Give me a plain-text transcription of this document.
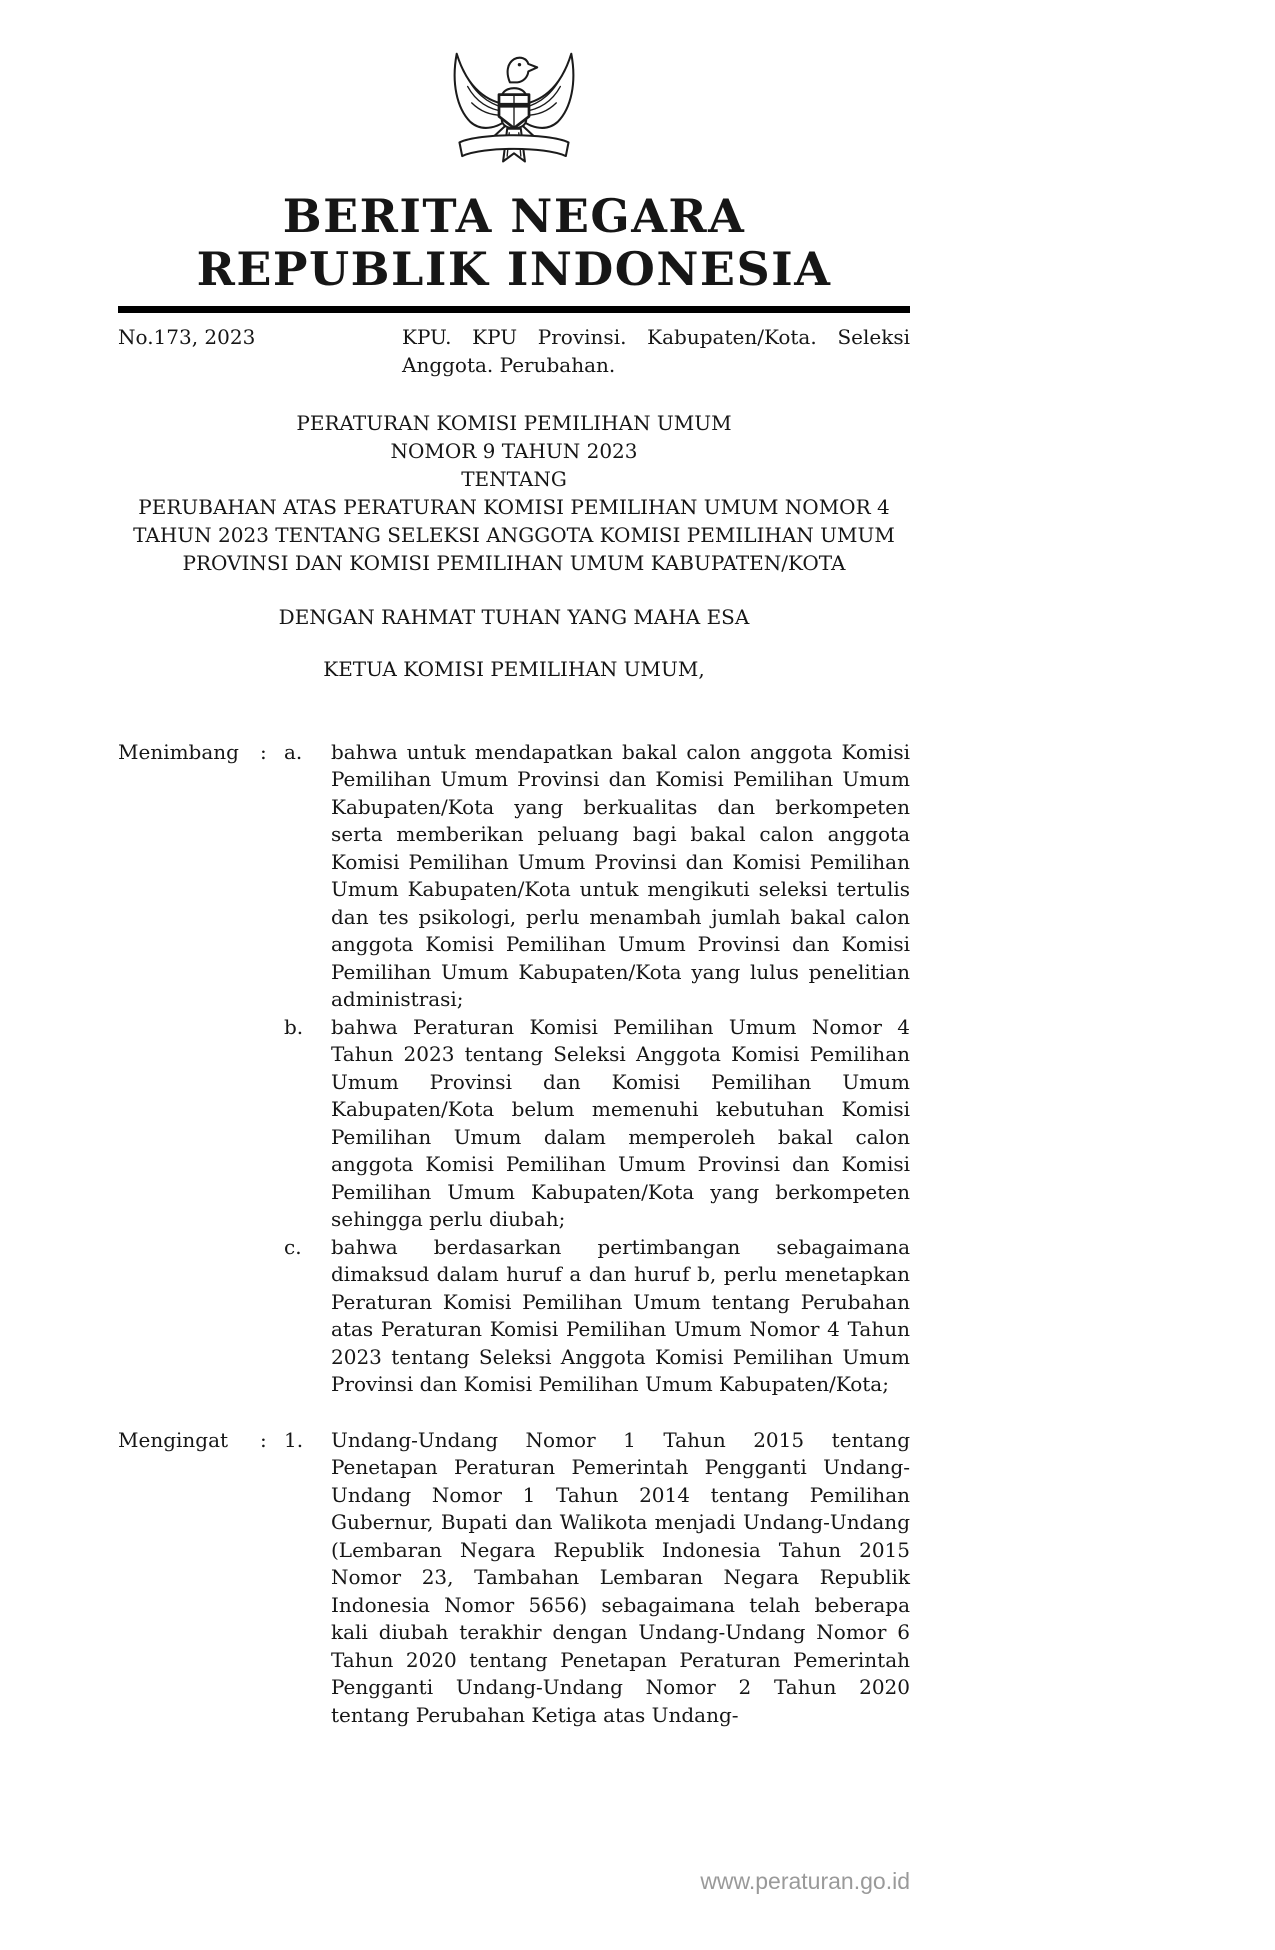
BERITA NEGARA
REPUBLIK INDONESIA
No.173, 2023	KPU. KPU Provinsi. Kabupaten/Kota. Seleksi Anggota. Perubahan.
PERATURAN KOMISI PEMILIHAN UMUM
NOMOR 9 TAHUN 2023
TENTANG
PERUBAHAN ATAS PERATURAN KOMISI PEMILIHAN UMUM NOMOR 4 TAHUN 2023 TENTANG SELEKSI ANGGOTA KOMISI PEMILIHAN UMUM PROVINSI DAN KOMISI PEMILIHAN UMUM KABUPATEN/KOTA
DENGAN RAHMAT TUHAN YANG MAHA ESA
KETUA KOMISI PEMILIHAN UMUM,
Menimbang	: a.	bahwa untuk mendapatkan bakal calon anggota Komisi Pemilihan Umum Provinsi dan Komisi Pemilihan Umum Kabupaten/Kota yang berkualitas dan berkompeten serta memberikan peluang bagi bakal calon anggota Komisi Pemilihan Umum Provinsi dan Komisi Pemilihan Umum Kabupaten/Kota untuk mengikuti seleksi tertulis dan tes psikologi, perlu menambah jumlah bakal calon anggota Komisi Pemilihan Umum Provinsi dan Komisi Pemilihan Umum Kabupaten/Kota yang lulus penelitian administrasi;
b.	bahwa Peraturan Komisi Pemilihan Umum Nomor 4 Tahun 2023 tentang Seleksi Anggota Komisi Pemilihan Umum Provinsi dan Komisi Pemilihan Umum Kabupaten/Kota belum memenuhi kebutuhan Komisi Pemilihan Umum dalam memperoleh bakal calon anggota Komisi Pemilihan Umum Provinsi dan Komisi Pemilihan Umum Kabupaten/Kota yang berkompeten sehingga perlu diubah;
c.	bahwa berdasarkan pertimbangan sebagaimana dimaksud dalam huruf a dan huruf b, perlu menetapkan Peraturan Komisi Pemilihan Umum tentang Perubahan atas Peraturan Komisi Pemilihan Umum Nomor 4 Tahun 2023 tentang Seleksi Anggota Komisi Pemilihan Umum Provinsi dan Komisi Pemilihan Umum Kabupaten/Kota;
Mengingat	: 1.	Undang-Undang Nomor 1 Tahun 2015 tentang Penetapan Peraturan Pemerintah Pengganti Undang-Undang Nomor 1 Tahun 2014 tentang Pemilihan Gubernur, Bupati dan Walikota menjadi Undang-Undang (Lembaran Negara Republik Indonesia Tahun 2015 Nomor 23, Tambahan Lembaran Negara Republik Indonesia Nomor 5656) sebagaimana telah beberapa kali diubah terakhir dengan Undang-Undang Nomor 6 Tahun 2020 tentang Penetapan Peraturan Pemerintah Pengganti Undang-Undang Nomor 2 Tahun 2020 tentang Perubahan Ketiga atas Undang-
www.peraturan.go.id
